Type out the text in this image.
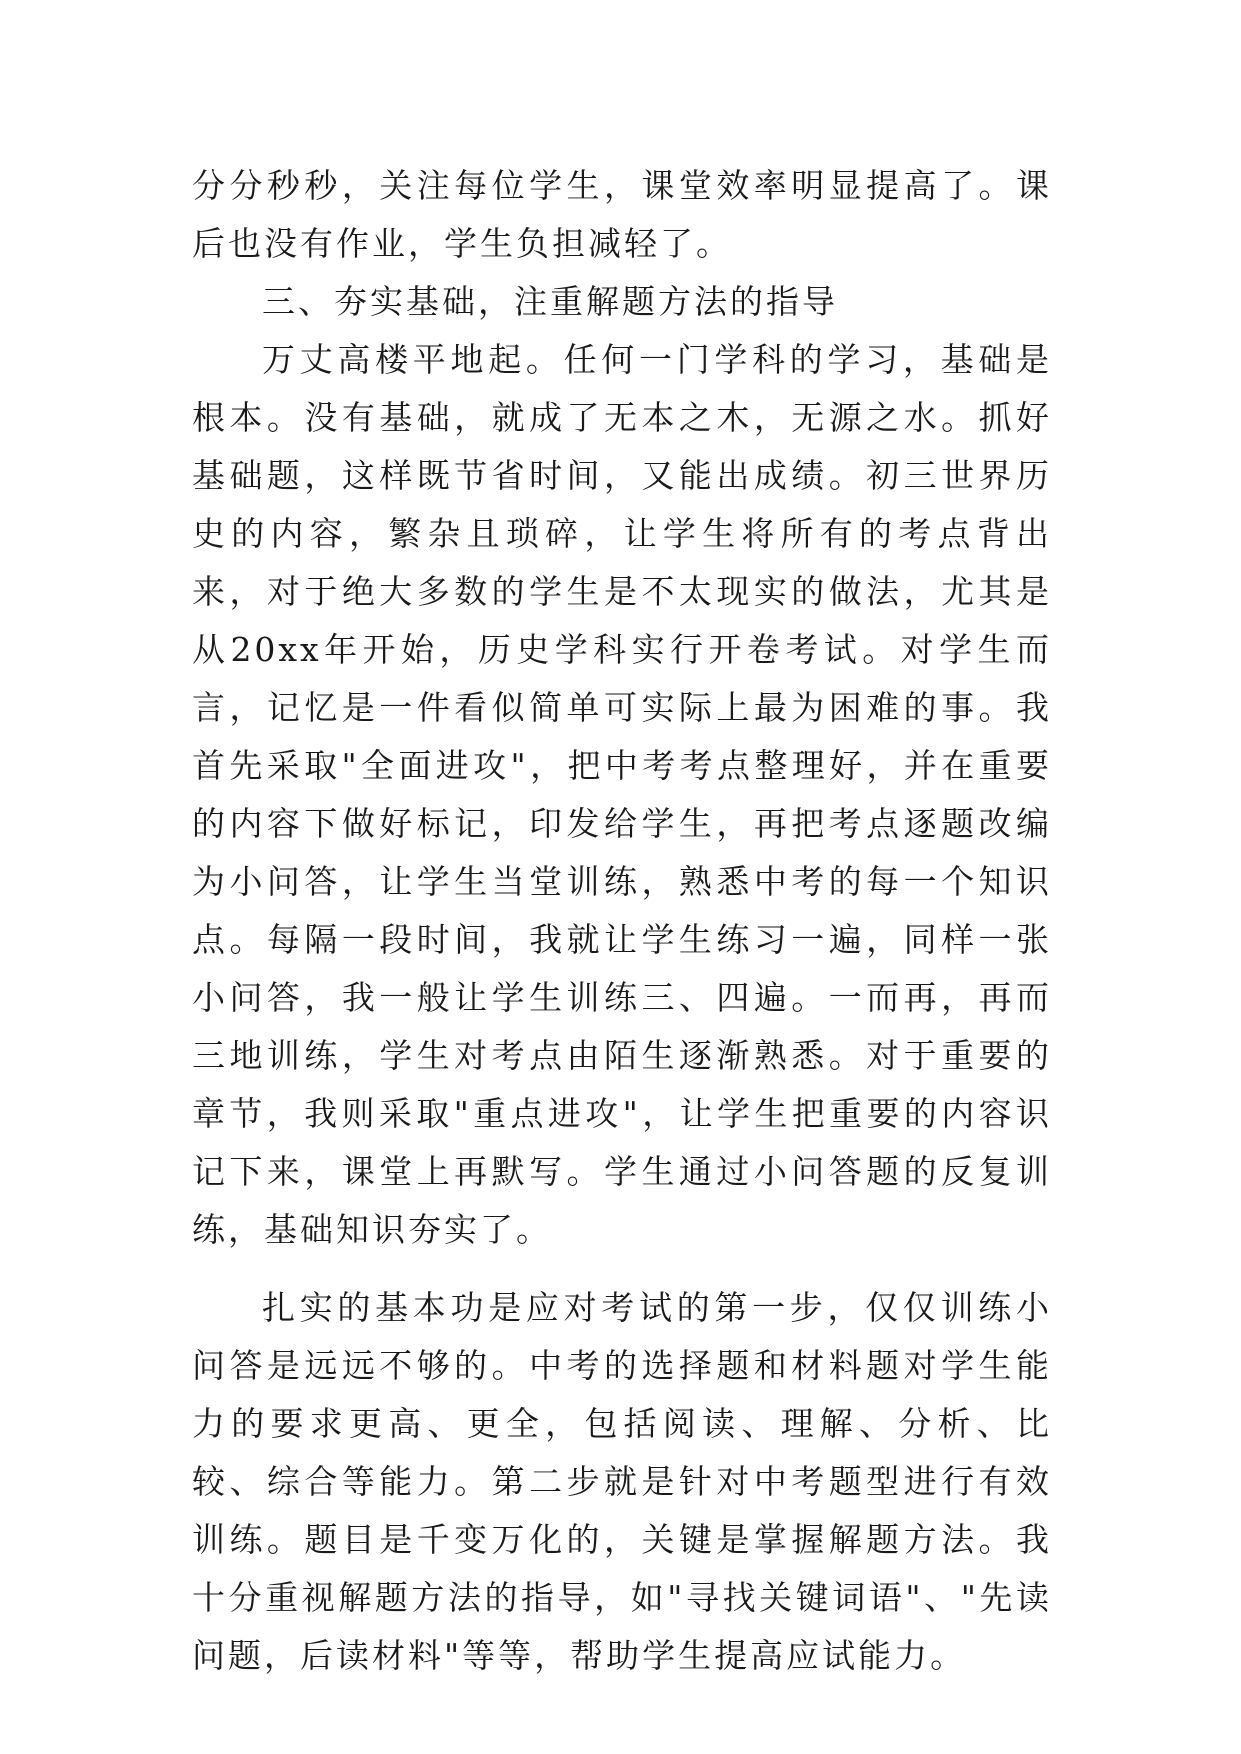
分分秒秒，关注每位学生，课堂效率明显提高了。课后也没有作业，学生负担减轻了。

三、夯实基础，注重解题方法的指导

万丈高楼平地起。任何一门学科的学习，基础是根本。没有基础，就成了无本之木，无源之水。抓好基础题，这样既节省时间，又能出成绩。初三世界历史的内容，繁杂且琐碎，让学生将所有的考点背出来，对于绝大多数的学生是不太现实的做法，尤其是从20xx年开始，历史学科实行开卷考试。对学生而言，记忆是一件看似简单可实际上最为困难的事。我首先采取"全面进攻"，把中考考点整理好，并在重要的内容下做好标记，印发给学生，再把考点逐题改编为小问答，让学生当堂训练，熟悉中考的每一个知识点。每隔一段时间，我就让学生练习一遍，同样一张小问答，我一般让学生训练三、四遍。一而再，再而三地训练，学生对考点由陌生逐渐熟悉。对于重要的章节，我则采取"重点进攻"，让学生把重要的内容识记下来，课堂上再默写。学生通过小问答题的反复训练，基础知识夯实了。

扎实的基本功是应对考试的第一步，仅仅训练小问答是远远不够的。中考的选择题和材料题对学生能力的要求更高、更全，包括阅读、理解、分析、比较、综合等能力。第二步就是针对中考题型进行有效训练。题目是千变万化的，关键是掌握解题方法。我十分重视解题方法的指导，如"寻找关键词语"、"先读问题，后读材料"等等，帮助学生提高应试能力。
